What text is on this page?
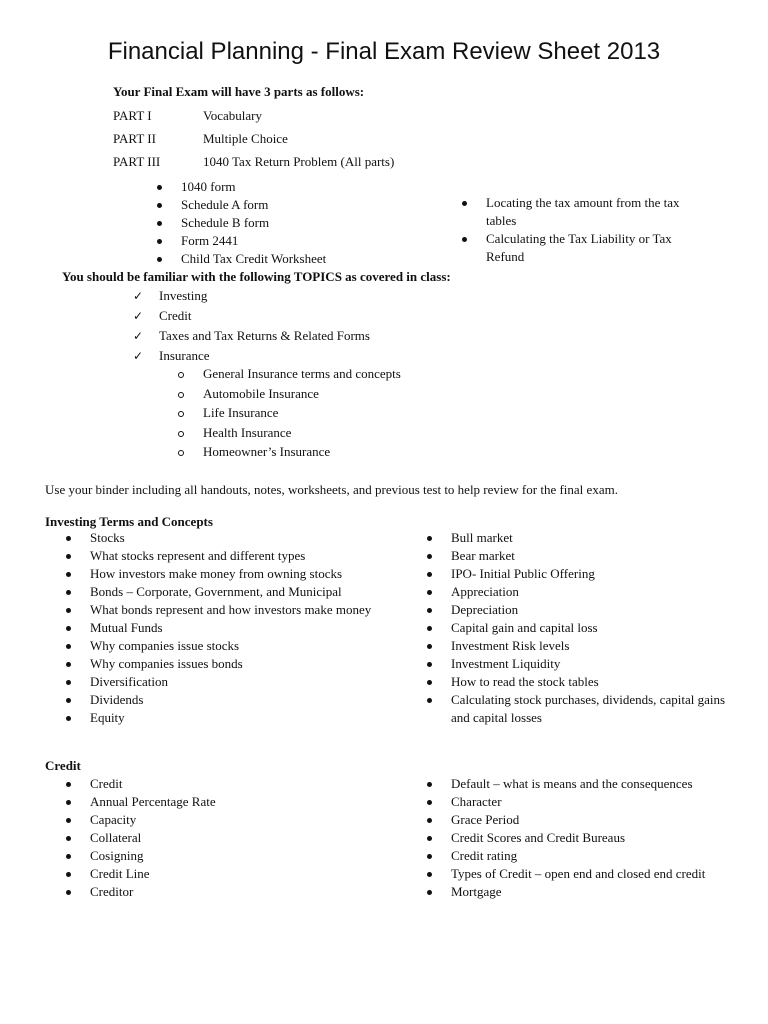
Financial Planning - Final Exam Review Sheet 2013
Your Final Exam will have 3 parts as follows:
PART I	Vocabulary
PART II	Multiple Choice
PART III	1040 Tax Return Problem (All parts)
1040 form
Schedule A form
Schedule B form
Form 2441
Child Tax Credit Worksheet
Locating the tax amount from the tax tables
Calculating the Tax Liability or Tax Refund
You should be familiar with the following TOPICS as covered in class:
✓ Investing
✓ Credit
✓ Taxes and Tax Returns & Related Forms
✓ Insurance
General Insurance terms and concepts
Automobile Insurance
Life Insurance
Health Insurance
Homeowner’s Insurance
Use your binder including all handouts, notes, worksheets, and previous test to help review for the final exam.
Investing Terms and Concepts
Stocks
What stocks represent and different types
How investors make money from owning stocks
Bonds – Corporate, Government, and Municipal
What bonds represent and how investors make money
Mutual Funds
Why companies issue stocks
Why companies issues bonds
Diversification
Dividends
Equity
Bull market
Bear market
IPO- Initial Public Offering
Appreciation
Depreciation
Capital gain and capital loss
Investment Risk levels
Investment Liquidity
How to read the stock tables
Calculating stock purchases, dividends, capital gains and capital losses
Credit
Credit
Annual Percentage Rate
Capacity
Collateral
Cosigning
Credit Line
Creditor
Default – what is means and the consequences
Character
Grace Period
Credit Scores and Credit Bureaus
Credit rating
Types of Credit – open end and closed end credit
Mortgage
